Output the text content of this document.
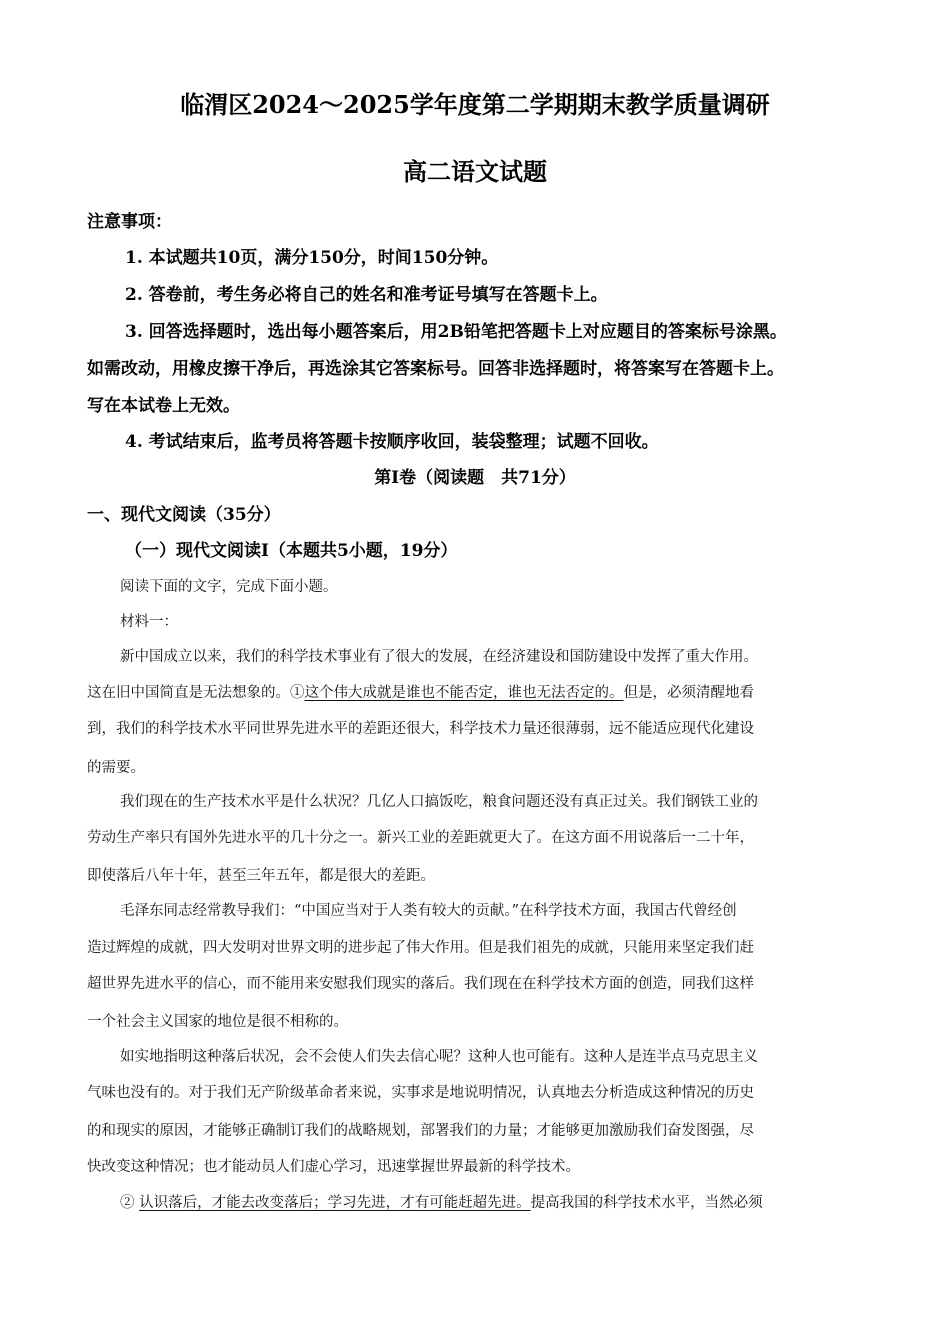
临渭区2024～2025学年度第二学期期末教学质量调研
高二语文试题
注意事项：
1. 本试题共10页，满分150分，时间150分钟。
2. 答卷前，考生务必将自己的姓名和准考证号填写在答题卡上。
3. 回答选择题时，选出每小题答案后，用2B铅笔把答题卡上对应题目的答案标号涂黑。
如需改动，用橡皮擦干净后，再选涂其它答案标号。回答非选择题时，将答案写在答题卡上。
写在本试卷上无效。
4. 考试结束后，监考员将答题卡按顺序收回，装袋整理；试题不回收。
第Ⅰ卷（阅读题　共71分）
一、现代文阅读（35分）
（一）现代文阅读Ⅰ（本题共5小题，19分）
阅读下面的文字，完成下面小题。
材料一：
新中国成立以来，我们的科学技术事业有了很大的发展，在经济建设和国防建设中发挥了重大作用。
这在旧中国简直是无法想象的。①这个伟大成就是谁也不能否定，谁也无法否定的。但是，必须清醒地看
到，我们的科学技术水平同世界先进水平的差距还很大，科学技术力量还很薄弱，远不能适应现代化建设
的需要。
我们现在的生产技术水平是什么状况？几亿人口搞饭吃，粮食问题还没有真正过关。我们钢铁工业的
劳动生产率只有国外先进水平的几十分之一。新兴工业的差距就更大了。在这方面不用说落后一二十年，
即使落后八年十年，甚至三年五年，都是很大的差距。
毛泽东同志经常教导我们：“中国应当对于人类有较大的贡献。”在科学技术方面，我国古代曾经创
造过辉煌的成就，四大发明对世界文明的进步起了伟大作用。但是我们祖先的成就，只能用来坚定我们赶
超世界先进水平的信心，而不能用来安慰我们现实的落后。我们现在在科学技术方面的创造，同我们这样
一个社会主义国家的地位是很不相称的。
如实地指明这种落后状况，会不会使人们失去信心呢？这种人也可能有。这种人是连半点马克思主义
气味也没有的。对于我们无产阶级革命者来说，实事求是地说明情况，认真地去分析造成这种情况的历史
的和现实的原因，才能够正确制订我们的战略规划，部署我们的力量；才能够更加激励我们奋发图强，尽
快改变这种情况；也才能动员人们虚心学习，迅速掌握世界最新的科学技术。
② 认识落后，才能去改变落后；学习先进，才有可能赶超先进。提高我国的科学技术水平，当然必须
